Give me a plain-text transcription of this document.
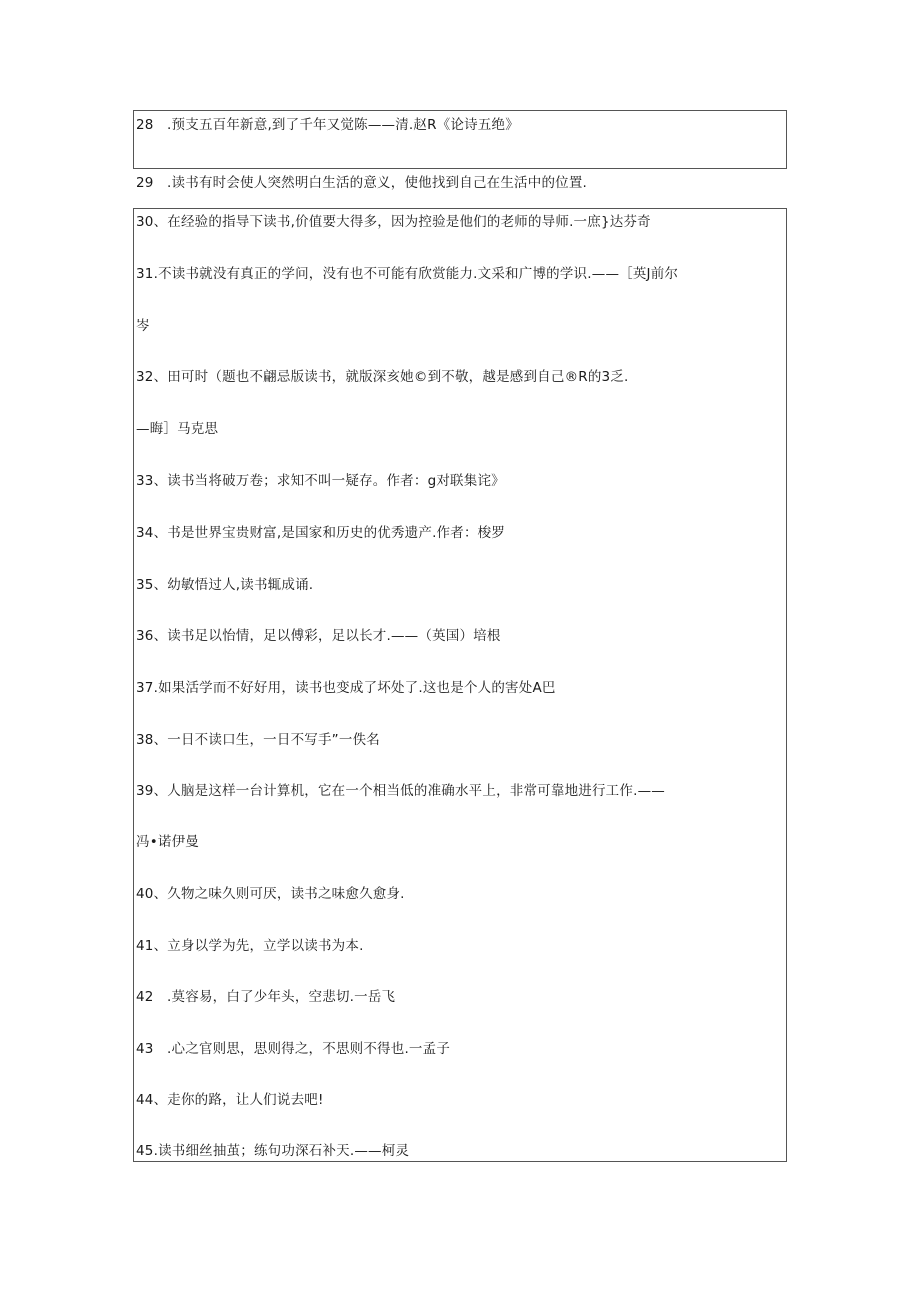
28   .预支五百年新意,到了千年又觉陈——清.赵R《论诗五绝》
29   .读书有时会使人突然明白生活的意义，使他找到自己在生活中的位置.
30、在经验的指导下读书,价值要大得多，因为控验是他们的老师的导师.一庶}达芬奇
31.不读书就没有真正的学问，没有也不可能有欣赏能力.文采和广博的学识.——［英J前尔
岑
32、田可时（题也不翩忌版读书，就版深亥她©到不敬，越是感到自己®R的3乏.
—晦］马克思
33、读书当将破万卷；求知不叫一疑存。作者：g对联集诧》
34、书是世界宝贵财富,是国家和历史的优秀遗产.作者：梭罗
35、幼敏悟过人,读书辄成诵.
36、读书足以怡情，足以傅彩，足以长才.——（英国）培根
37.如果活学而不好好用，读书也变成了坏处了.这也是个人的害处A巴
38、一日不读口生，一日不写手”一佚名
39、人脑是这样一台计算机，它在一个相当低的准确水平上，非常可靠地进行工作.——
冯•诺伊曼
40、久物之味久则可厌，读书之味愈久愈身.
41、立身以学为先，立学以读书为本.
42   .莫容易，白了少年头，空悲切.一岳飞
43   .心之官则思，思则得之，不思则不得也.一孟子
44、走你的路，让人们说去吧!
45.读书细丝抽茧；练句功深石补天.——柯灵
